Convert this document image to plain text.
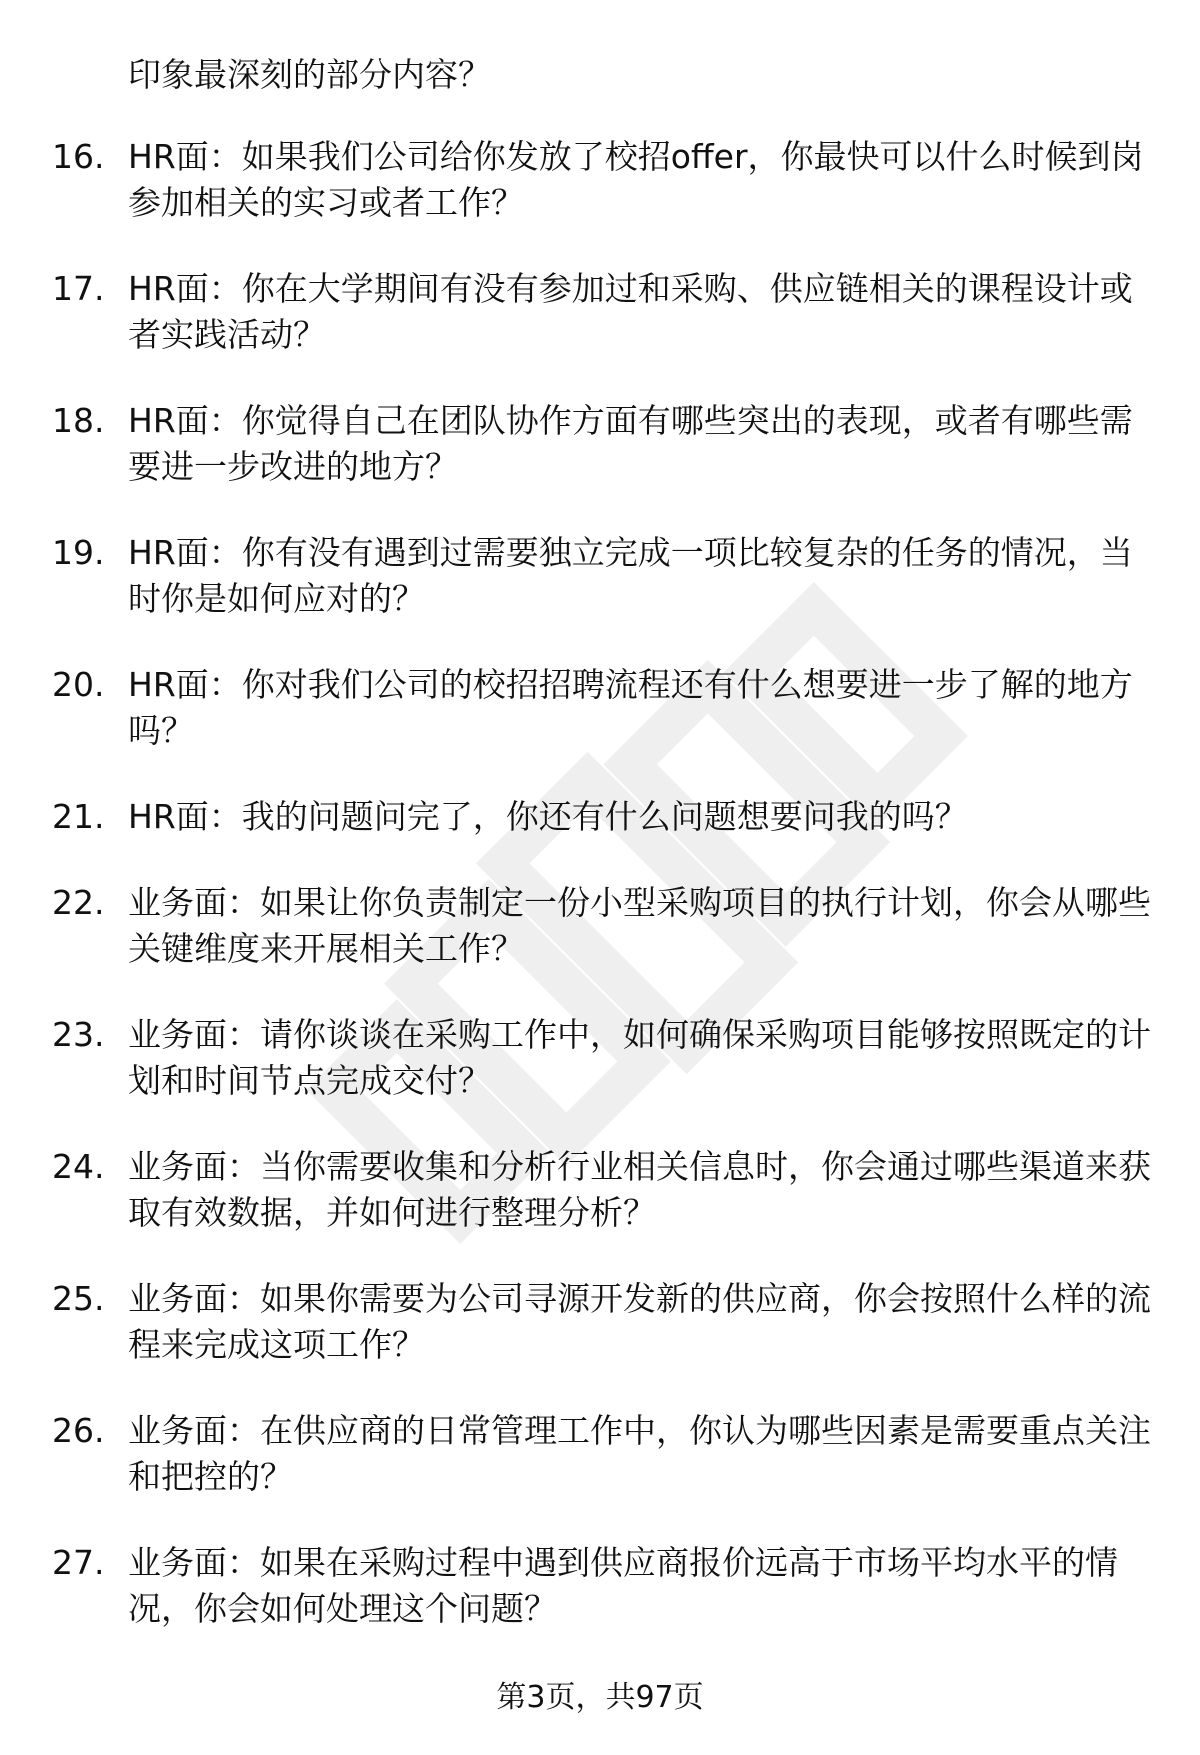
印象最深刻的部分内容？
16. HR面：如果我们公司给你发放了校招offer，你最快可以什么时候到岗参加相关的实习或者工作？
17. HR面：你在大学期间有没有参加过和采购、供应链相关的课程设计或者实践活动？
18. HR面：你觉得自己在团队协作方面有哪些突出的表现，或者有哪些需要进一步改进的地方？
19. HR面：你有没有遇到过需要独立完成一项比较复杂的任务的情况，当时你是如何应对的？
20. HR面：你对我们公司的校招招聘流程还有什么想要进一步了解的地方吗？
21. HR面：我的问题问完了，你还有什么问题想要问我的吗？
22. 业务面：如果让你负责制定一份小型采购项目的执行计划，你会从哪些关键维度来开展相关工作？
23. 业务面：请你谈谈在采购工作中，如何确保采购项目能够按照既定的计划和时间节点完成交付？
24. 业务面：当你需要收集和分析行业相关信息时，你会通过哪些渠道来获取有效数据，并如何进行整理分析？
25. 业务面：如果你需要为公司寻源开发新的供应商，你会按照什么样的流程来完成这项工作？
26. 业务面：在供应商的日常管理工作中，你认为哪些因素是需要重点关注和把控的？
27. 业务面：如果在采购过程中遇到供应商报价远高于市场平均水平的情况，你会如何处理这个问题？
第3页，共97页
